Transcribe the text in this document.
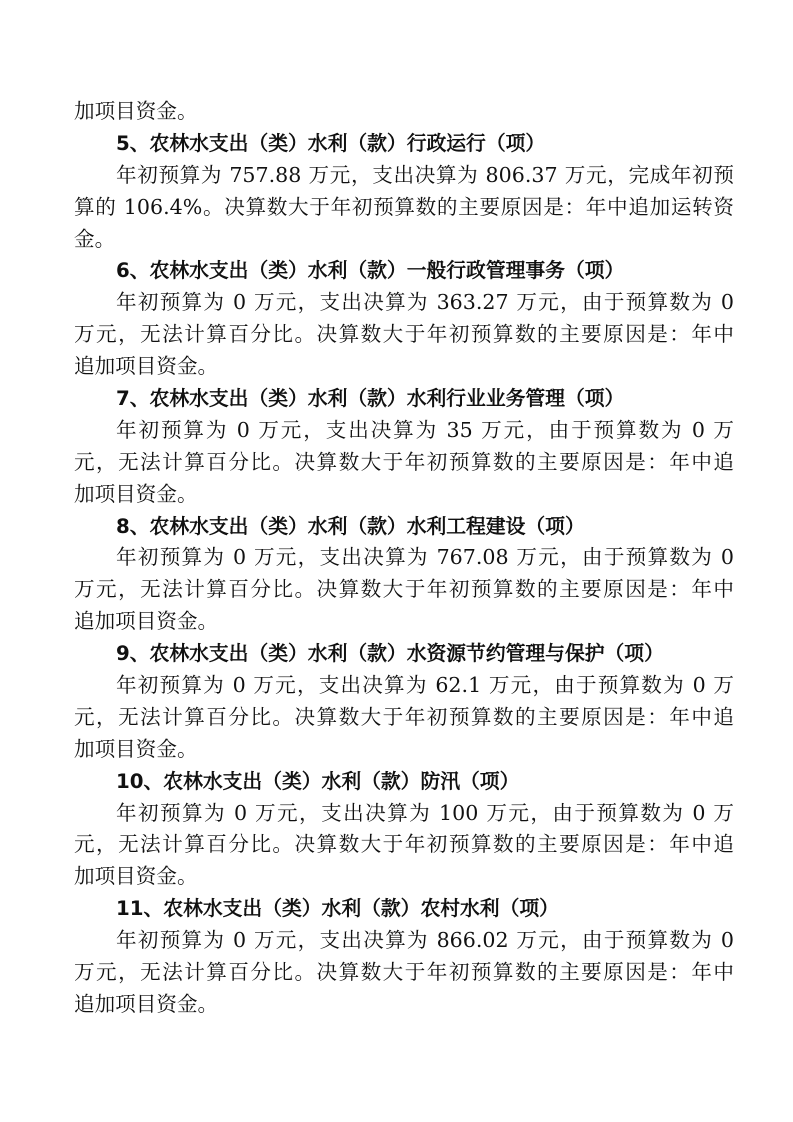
加项目资金。
5、农林水支出（类）水利（款）行政运行（项）
年初预算为 757.88 万元，支出决算为 806.37 万元，完成年初预
算的 106.4%。决算数大于年初预算数的主要原因是：年中追加运转资
金。
6、农林水支出（类）水利（款）一般行政管理事务（项）
年初预算为 0 万元，支出决算为 363.27 万元，由于预算数为 0
万元，无法计算百分比。决算数大于年初预算数的主要原因是：年中
追加项目资金。
7、农林水支出（类）水利（款）水利行业业务管理（项）
年初预算为 0 万元，支出决算为 35 万元，由于预算数为 0 万
元，无法计算百分比。决算数大于年初预算数的主要原因是：年中追
加项目资金。
8、农林水支出（类）水利（款）水利工程建设（项）
年初预算为 0 万元，支出决算为 767.08 万元，由于预算数为 0
万元，无法计算百分比。决算数大于年初预算数的主要原因是：年中
追加项目资金。
9、农林水支出（类）水利（款）水资源节约管理与保护（项）
年初预算为 0 万元，支出决算为 62.1 万元，由于预算数为 0 万
元，无法计算百分比。决算数大于年初预算数的主要原因是：年中追
加项目资金。
10、农林水支出（类）水利（款）防汛（项）
年初预算为 0 万元，支出决算为 100 万元，由于预算数为 0 万
元，无法计算百分比。决算数大于年初预算数的主要原因是：年中追
加项目资金。
11、农林水支出（类）水利（款）农村水利（项）
年初预算为 0 万元，支出决算为 866.02 万元，由于预算数为 0
万元，无法计算百分比。决算数大于年初预算数的主要原因是：年中
追加项目资金。
